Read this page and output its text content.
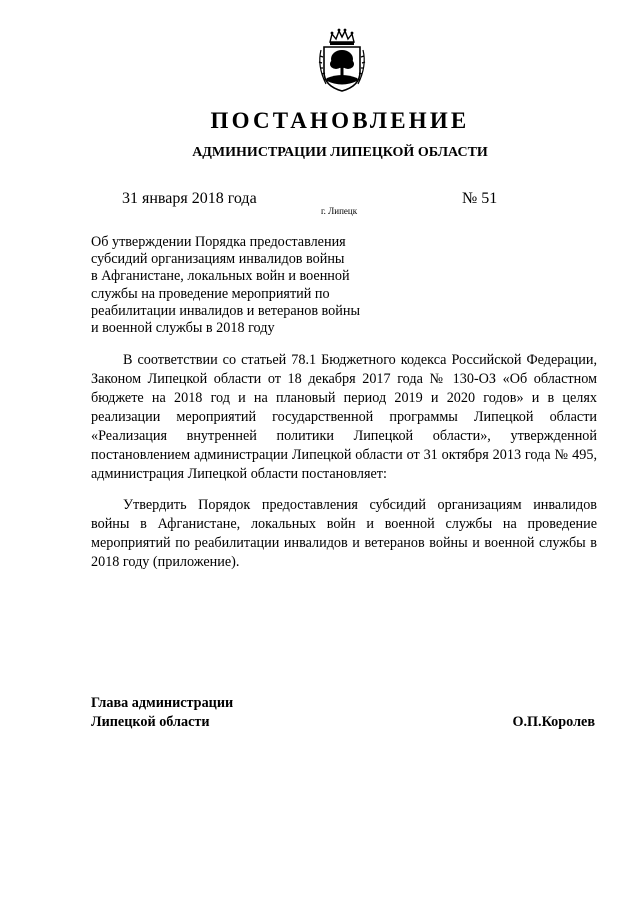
ПОСТАНОВЛЕНИЕ
АДМИНИСТРАЦИИ ЛИПЕЦКОЙ ОБЛАСТИ
31 января 2018 года
г. Липецк
№ 51
Об утверждении Порядка предоставления
субсидий организациям инвалидов войны
в Афганистане, локальных войн и военной
службы на проведение мероприятий по
реабилитации инвалидов и ветеранов войны
и военной службы в 2018 году

В соответствии со статьей 78.1 Бюджетного кодекса Российской Федерации, Законом Липецкой области от 18 декабря 2017 года № 130-ОЗ «Об областном бюджете на 2018 год и на плановый период 2019 и 2020 годов» и в целях реализации мероприятий государственной программы Липецкой области «Реализация внутренней политики Липецкой области», утвержденной постановлением администрации Липецкой области от 31 октября 2013 года № 495, администрация Липецкой области постановляет:

Утвердить Порядок предоставления субсидий организациям инвалидов войны в Афганистане, локальных войн и военной службы на проведение мероприятий по реабилитации инвалидов и ветеранов войны и военной службы в 2018 году (приложение).

Глава администрации
Липецкой области	О.П.Королев
